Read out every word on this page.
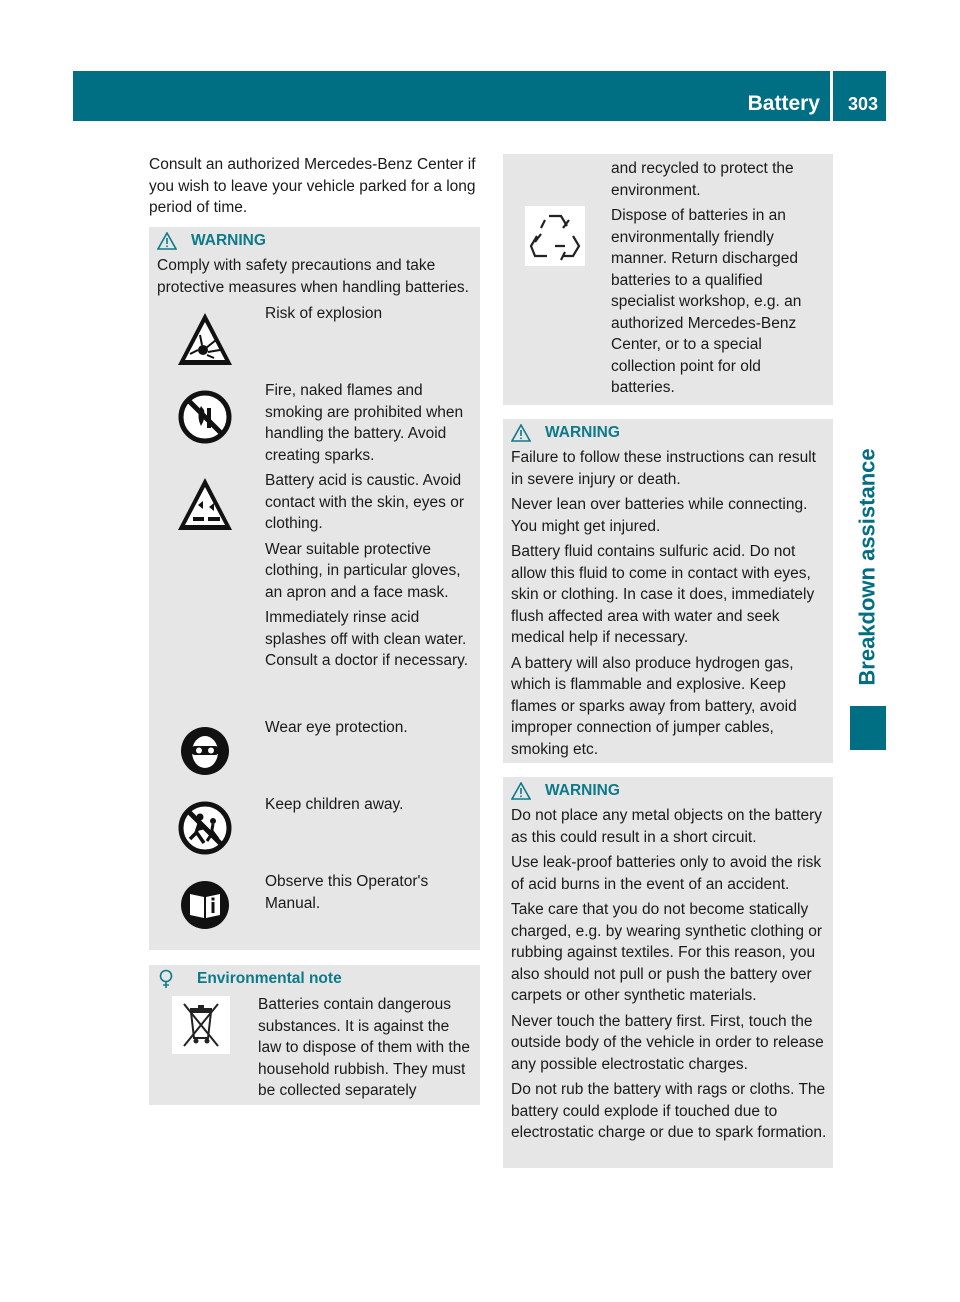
Battery 303
Breakdown assistance
Consult an authorized Mercedes-Benz Center if you wish to leave your vehicle parked for a long period of time.
WARNING

Comply with safety precautions and take protective measures when handling batteries.

Risk of explosion

Fire, naked flames and smoking are prohibited when handling the battery. Avoid creating sparks.

Battery acid is caustic. Avoid contact with the skin, eyes or clothing.

Wear suitable protective clothing, in particular gloves, an apron and a face mask.

Immediately rinse acid splashes off with clean water. Consult a doctor if necessary.

Wear eye protection.

Keep children away.

Observe this Operator's Manual.

Environmental note
Batteries contain dangerous substances. It is against the law to dispose of them with the household rubbish. They must be collected separately

and recycled to protect the environment.

Dispose of batteries in an environmentally friendly manner. Return discharged batteries to a qualified specialist workshop, e.g. an authorized Mercedes-Benz Center, or to a special collection point for old batteries.

WARNING

Failure to follow these instructions can result in severe injury or death.

Never lean over batteries while connecting. You might get injured.

Battery fluid contains sulfuric acid. Do not allow this fluid to come in contact with eyes, skin or clothing. In case it does, immediately flush affected area with water and seek medical help if necessary.

A battery will also produce hydrogen gas, which is flammable and explosive. Keep flames or sparks away from battery, avoid improper connection of jumper cables, smoking etc.

WARNING

Do not place any metal objects on the battery as this could result in a short circuit.

Use leak-proof batteries only to avoid the risk of acid burns in the event of an accident.

Take care that you do not become statically charged, e.g. by wearing synthetic clothing or rubbing against textiles. For this reason, you also should not pull or push the battery over carpets or other synthetic materials.

Never touch the battery first. First, touch the outside body of the vehicle in order to release any possible electrostatic charges.

Do not rub the battery with rags or cloths. The battery could explode if touched due to electrostatic charge or due to spark formation.
